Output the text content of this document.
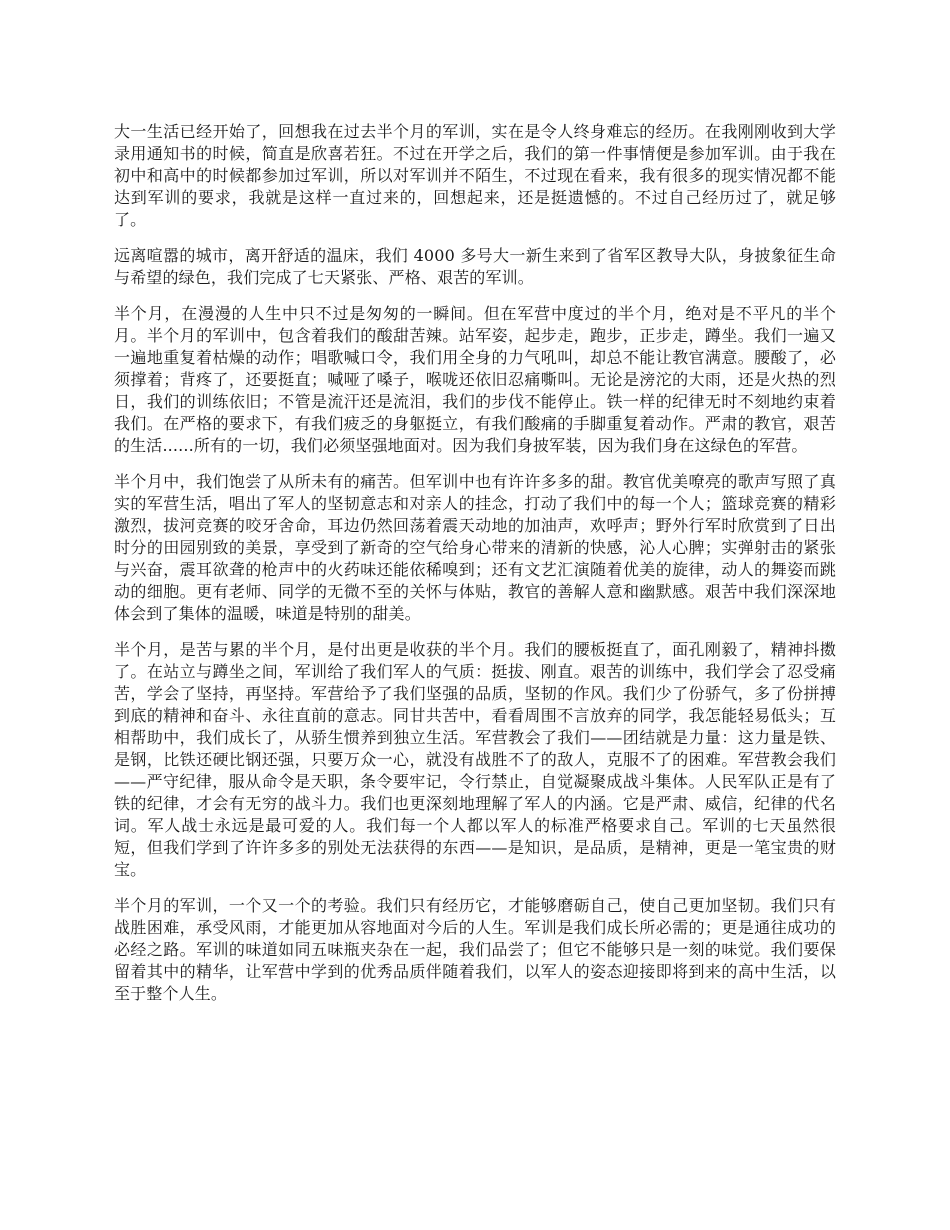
大一生活已经开始了，回想我在过去半个月的军训，实在是令人终身难忘的经历。在我刚刚收到大学录用通知书的时候，简直是欣喜若狂。不过在开学之后，我们的第一件事情便是参加军训。由于我在初中和高中的时候都参加过军训，所以对军训并不陌生，不过现在看来，我有很多的现实情况都不能达到军训的要求，我就是这样一直过来的，回想起来，还是挺遗憾的。不过自己经历过了，就足够了。

远离喧嚣的城市，离开舒适的温床，我们 4000 多号大一新生来到了省军区教导大队，身披象征生命与希望的绿色，我们完成了七天紧张、严格、艰苦的军训。

半个月，在漫漫的人生中只不过是匆匆的一瞬间。但在军营中度过的半个月，绝对是不平凡的半个月。半个月的军训中，包含着我们的酸甜苦辣。站军姿，起步走，跑步，正步走，蹲坐。我们一遍又一遍地重复着枯燥的动作；唱歌喊口令，我们用全身的力气吼叫，却总不能让教官满意。腰酸了，必须撑着；背疼了，还要挺直；喊哑了嗓子，喉咙还依旧忍痛嘶叫。无论是滂沱的大雨，还是火热的烈日，我们的训练依旧；不管是流汗还是流泪，我们的步伐不能停止。铁一样的纪律无时不刻地约束着我们。在严格的要求下，有我们疲乏的身躯挺立，有我们酸痛的手脚重复着动作。严肃的教官，艰苦的生活......所有的一切，我们必须坚强地面对。因为我们身披军装，因为我们身在这绿色的军营。

半个月中，我们饱尝了从所未有的痛苦。但军训中也有许许多多的甜。教官优美嘹亮的歌声写照了真实的军营生活，唱出了军人的坚韧意志和对亲人的挂念，打动了我们中的每一个人；篮球竞赛的精彩激烈，拔河竞赛的咬牙舍命，耳边仍然回荡着震天动地的加油声，欢呼声；野外行军时欣赏到了日出时分的田园别致的美景，享受到了新奇的空气给身心带来的清新的快感，沁人心脾；实弹射击的紧张与兴奋，震耳欲聋的枪声中的火药味还能依稀嗅到；还有文艺汇演随着优美的旋律，动人的舞姿而跳动的细胞。更有老师、同学的无微不至的关怀与体贴，教官的善解人意和幽默感。艰苦中我们深深地体会到了集体的温暖，味道是特别的甜美。

半个月，是苦与累的半个月，是付出更是收获的半个月。我们的腰板挺直了，面孔刚毅了，精神抖擞了。在站立与蹲坐之间，军训给了我们军人的气质：挺拔、刚直。艰苦的训练中，我们学会了忍受痛苦，学会了坚持，再坚持。军营给予了我们坚强的品质，坚韧的作风。我们少了份骄气，多了份拼搏到底的精神和奋斗、永往直前的意志。同甘共苦中，看看周围不言放弃的同学，我怎能轻易低头；互相帮助中，我们成长了，从骄生惯养到独立生活。军营教会了我们——团结就是力量：这力量是铁、是钢，比铁还硬比钢还强，只要万众一心，就没有战胜不了的敌人，克服不了的困难。军营教会我们——严守纪律，服从命令是天职，条令要牢记，令行禁止，自觉凝聚成战斗集体。人民军队正是有了铁的纪律，才会有无穷的战斗力。我们也更深刻地理解了军人的内涵。它是严肃、威信，纪律的代名词。军人战士永远是最可爱的人。我们每一个人都以军人的标准严格要求自己。军训的七天虽然很短，但我们学到了许许多多的别处无法获得的东西——是知识，是品质，是精神，更是一笔宝贵的财宝。

半个月的军训，一个又一个的考验。我们只有经历它，才能够磨砺自己，使自己更加坚韧。我们只有战胜困难，承受风雨，才能更加从容地面对今后的人生。军训是我们成长所必需的；更是通往成功的必经之路。军训的味道如同五味瓶夹杂在一起，我们品尝了；但它不能够只是一刻的味觉。我们要保留着其中的精华，让军营中学到的优秀品质伴随着我们，以军人的姿态迎接即将到来的高中生活，以至于整个人生。
